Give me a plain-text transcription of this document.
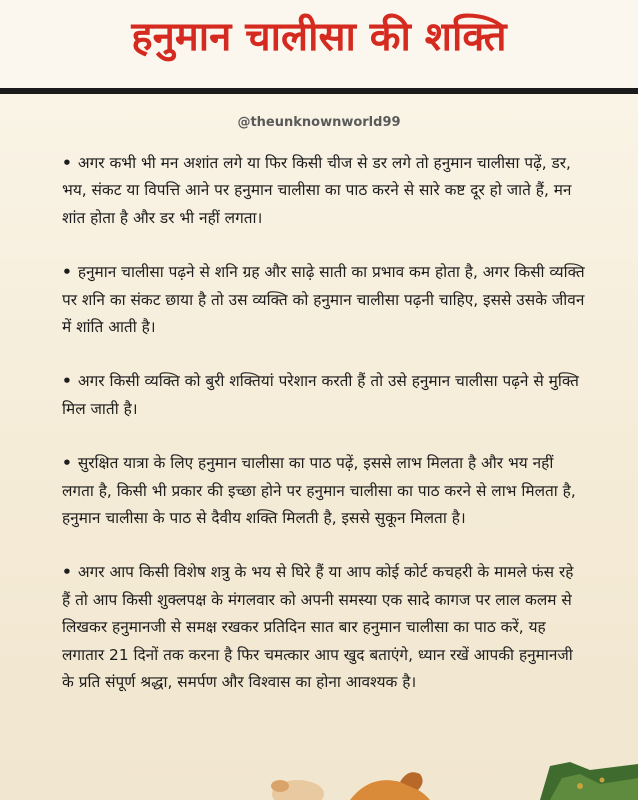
हनुमान चालीसा की शक्ति
@theunknownworld99

• अगर कभी भी मन अशांत लगे या फिर किसी चीज से डर लगे तो हनुमान चालीसा पढ़ें, डर, भय, संकट या विपत्ति आने पर हनुमान चालीसा का पाठ करने से सारे कष्ट दूर हो जाते हैं, मन शांत होता है और डर भी नहीं लगता।

• हनुमान चालीसा पढ़ने से शनि ग्रह और साढ़े साती का प्रभाव कम होता है, अगर किसी व्यक्ति पर शनि का संकट छाया है तो उस व्यक्ति को हनुमान चालीसा पढ़नी चाहिए, इससे उसके जीवन में शांति आती है।

• अगर किसी व्यक्ति को बुरी शक्तियां परेशान करती हैं तो उसे हनुमान चालीसा पढ़ने से मुक्ति मिल जाती है।

• सुरक्षित यात्रा के लिए हनुमान चालीसा का पाठ पढ़ें, इससे लाभ मिलता है और भय नहीं लगता है, किसी भी प्रकार की इच्छा होने पर हनुमान चालीसा का पाठ करने से लाभ मिलता है, हनुमान चालीसा के पाठ से दैवीय शक्ति मिलती है, इससे सुकून मिलता है।

• अगर आप किसी विशेष शत्रु के भय से घिरे हैं या आप कोई कोर्ट कचहरी के मामले फंस रहे हैं तो आप किसी शुक्लपक्ष के मंगलवार को अपनी समस्या एक सादे कागज पर लाल कलम से लिखकर हनुमानजी से समक्ष रखकर प्रतिदिन सात बार हनुमान चालीसा का पाठ करें, यह लगातार 21 दिनों तक करना है फिर चमत्कार आप खुद बताएंगे, ध्यान रखें आपकी हनुमानजी के प्रति संपूर्ण श्रद्धा, समर्पण और विश्वास का होना आवश्यक है।
